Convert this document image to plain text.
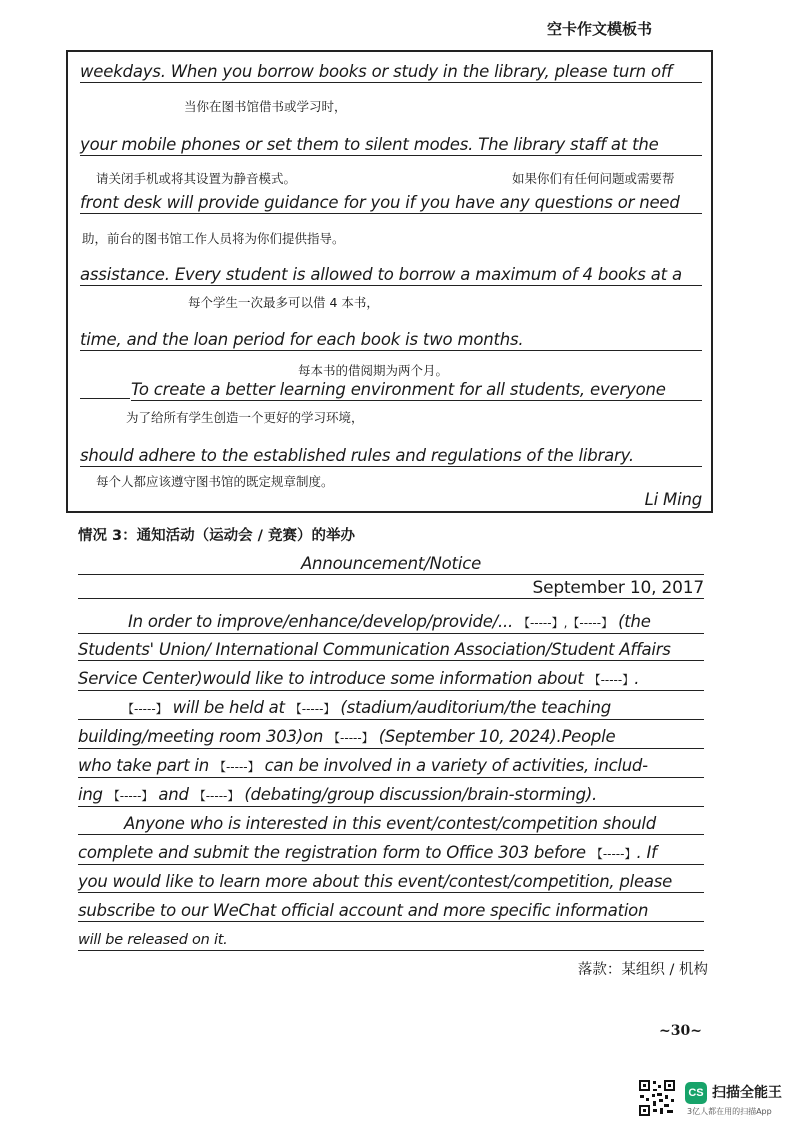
空卡作文模板书
weekdays. When you borrow books or study in the library, please turn off
当你在图书馆借书或学习时，
your mobile phones or set them to silent modes. The library staff at the
请关闭手机或将其设置为静音模式。	如果你们有任何问题或需要帮
front desk will provide guidance for you if you have any questions or need
助，前台的图书馆工作人员将为你们提供指导。
assistance. Every student is allowed to borrow a maximum of 4 books at a
每个学生一次最多可以借 4 本书，
time, and the loan period for each book is two months.
每本书的借阅期为两个月。
To create a better learning environment for all students, everyone
为了给所有学生创造一个更好的学习环境，
should adhere to the established rules and regulations of the library.
每个人都应该遵守图书馆的既定规章制度。
Li Ming
情况 3：通知活动（运动会 / 竞赛）的举办
Announcement/Notice
September 10, 2017
In order to improve/enhance/develop/provide/... 【-----】,【-----】 (the
Students' Union/ International Communication Association/Student Affairs
Service Center)would like to introduce some information about 【-----】.
【-----】 will be held at 【-----】 (stadium/auditorium/the teaching
building/meeting room 303)on 【-----】 (September 10, 2024).People
who take part in 【-----】 can be involved in a variety of activities, includ-
ing 【-----】 and 【-----】 (debating/group discussion/brain-storming).
Anyone who is interested in this event/contest/competition should
complete and submit the registration form to Office 303 before 【-----】. If
you would like to learn more about this event/contest/competition, please
subscribe to our WeChat official account and more specific information
will be released on it.
落款：某组织 / 机构
~30~
CS 扫描全能王
3亿人都在用的扫描App
